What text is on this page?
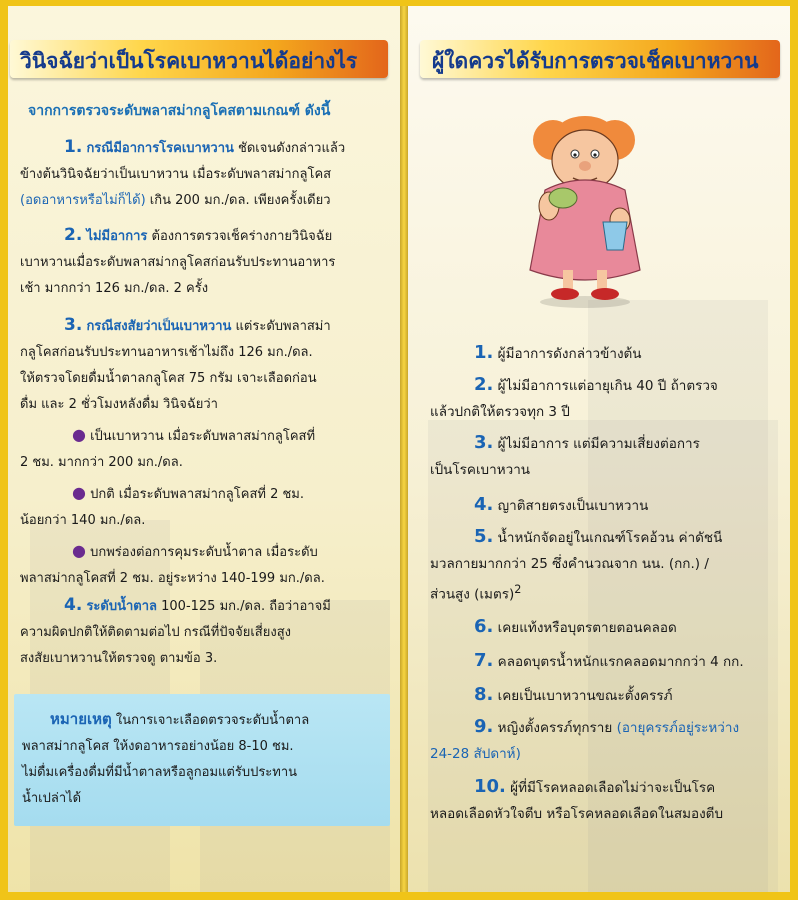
วินิจฉัยว่าเป็นโรคเบาหวานได้อย่างไร
จากการตรวจระดับพลาสม่ากลูโคสตามเกณฑ์ ดังนี้
1. กรณีมีอาการโรคเบาหวาน ชัดเจนดังกล่าวแล้ว
ข้างต้นวินิจฉัยว่าเป็นเบาหวาน เมื่อระดับพลาสม่ากลูโคส
(อดอาหารหรือไม่ก็ได้) เกิน 200 มก./ดล. เพียงครั้งเดียว
2. ไม่มีอาการ ต้องการตรวจเช็คร่างกายวินิจฉัย
เบาหวานเมื่อระดับพลาสม่ากลูโคสก่อนรับประทานอาหาร
เช้า มากกว่า 126 มก./ดล. 2 ครั้ง
3. กรณีสงสัยว่าเป็นเบาหวาน แต่ระดับพลาสม่า
กลูโคสก่อนรับประทานอาหารเช้าไม่ถึง 126 มก./ดล.
ให้ตรวจโดยดื่มน้ำตาลกลูโคส 75 กรัม เจาะเลือดก่อน
ดื่ม และ 2 ชั่วโมงหลังดื่ม วินิจฉัยว่า
● เป็นเบาหวาน เมื่อระดับพลาสม่ากลูโคสที่
2 ชม. มากกว่า 200 มก./ดล.
● ปกติ เมื่อระดับพลาสม่ากลูโคสที่ 2 ชม.
น้อยกว่า 140 มก./ดล.
● บกพร่องต่อการคุมระดับน้ำตาล เมื่อระดับ
พลาสม่ากลูโคสที่ 2 ชม. อยู่ระหว่าง 140-199 มก./ดล.
4. ระดับน้ำตาล 100-125 มก./ดล. ถือว่าอาจมี
ความผิดปกติให้ติดตามต่อไป กรณีที่ปัจจัยเสี่ยงสูง
สงสัยเบาหวานให้ตรวจดู ตามข้อ 3.
หมายเหตุ ในการเจาะเลือดตรวจระดับน้ำตาล
พลาสม่ากลูโคส ให้งดอาหารอย่างน้อย 8-10 ชม.
ไม่ดื่มเครื่องดื่มที่มีน้ำตาลหรือลูกอมแต่รับประทาน
น้ำเปล่าได้
ผู้ใดควรได้รับการตรวจเช็คเบาหวาน
1. ผู้มีอาการดังกล่าวข้างต้น
2. ผู้ไม่มีอาการแต่อายุเกิน 40 ปี ถ้าตรวจ
แล้วปกติให้ตรวจทุก 3 ปี
3. ผู้ไม่มีอาการ แต่มีความเสี่ยงต่อการ
เป็นโรคเบาหวาน
4. ญาติสายตรงเป็นเบาหวาน
5. น้ำหนักจัดอยู่ในเกณฑ์โรคอ้วน ค่าดัชนี
มวลกายมากกว่า 25 ซึ่งคำนวณจาก นน. (กก.) /
ส่วนสูง (เมตร)$^2$
6. เคยแท้งหรือบุตรตายตอนคลอด
7. คลอดบุตรน้ำหนักแรกคลอดมากกว่า 4 กก.
8. เคยเป็นเบาหวานขณะตั้งครรภ์
9. หญิงตั้งครรภ์ทุกราย (อายุครรภ์อยู่ระหว่าง
24-28 สัปดาห์)
10. ผู้ที่มีโรคหลอดเลือดไม่ว่าจะเป็นโรค
หลอดเลือดหัวใจตีบ หรือโรคหลอดเลือดในสมองตีบ
